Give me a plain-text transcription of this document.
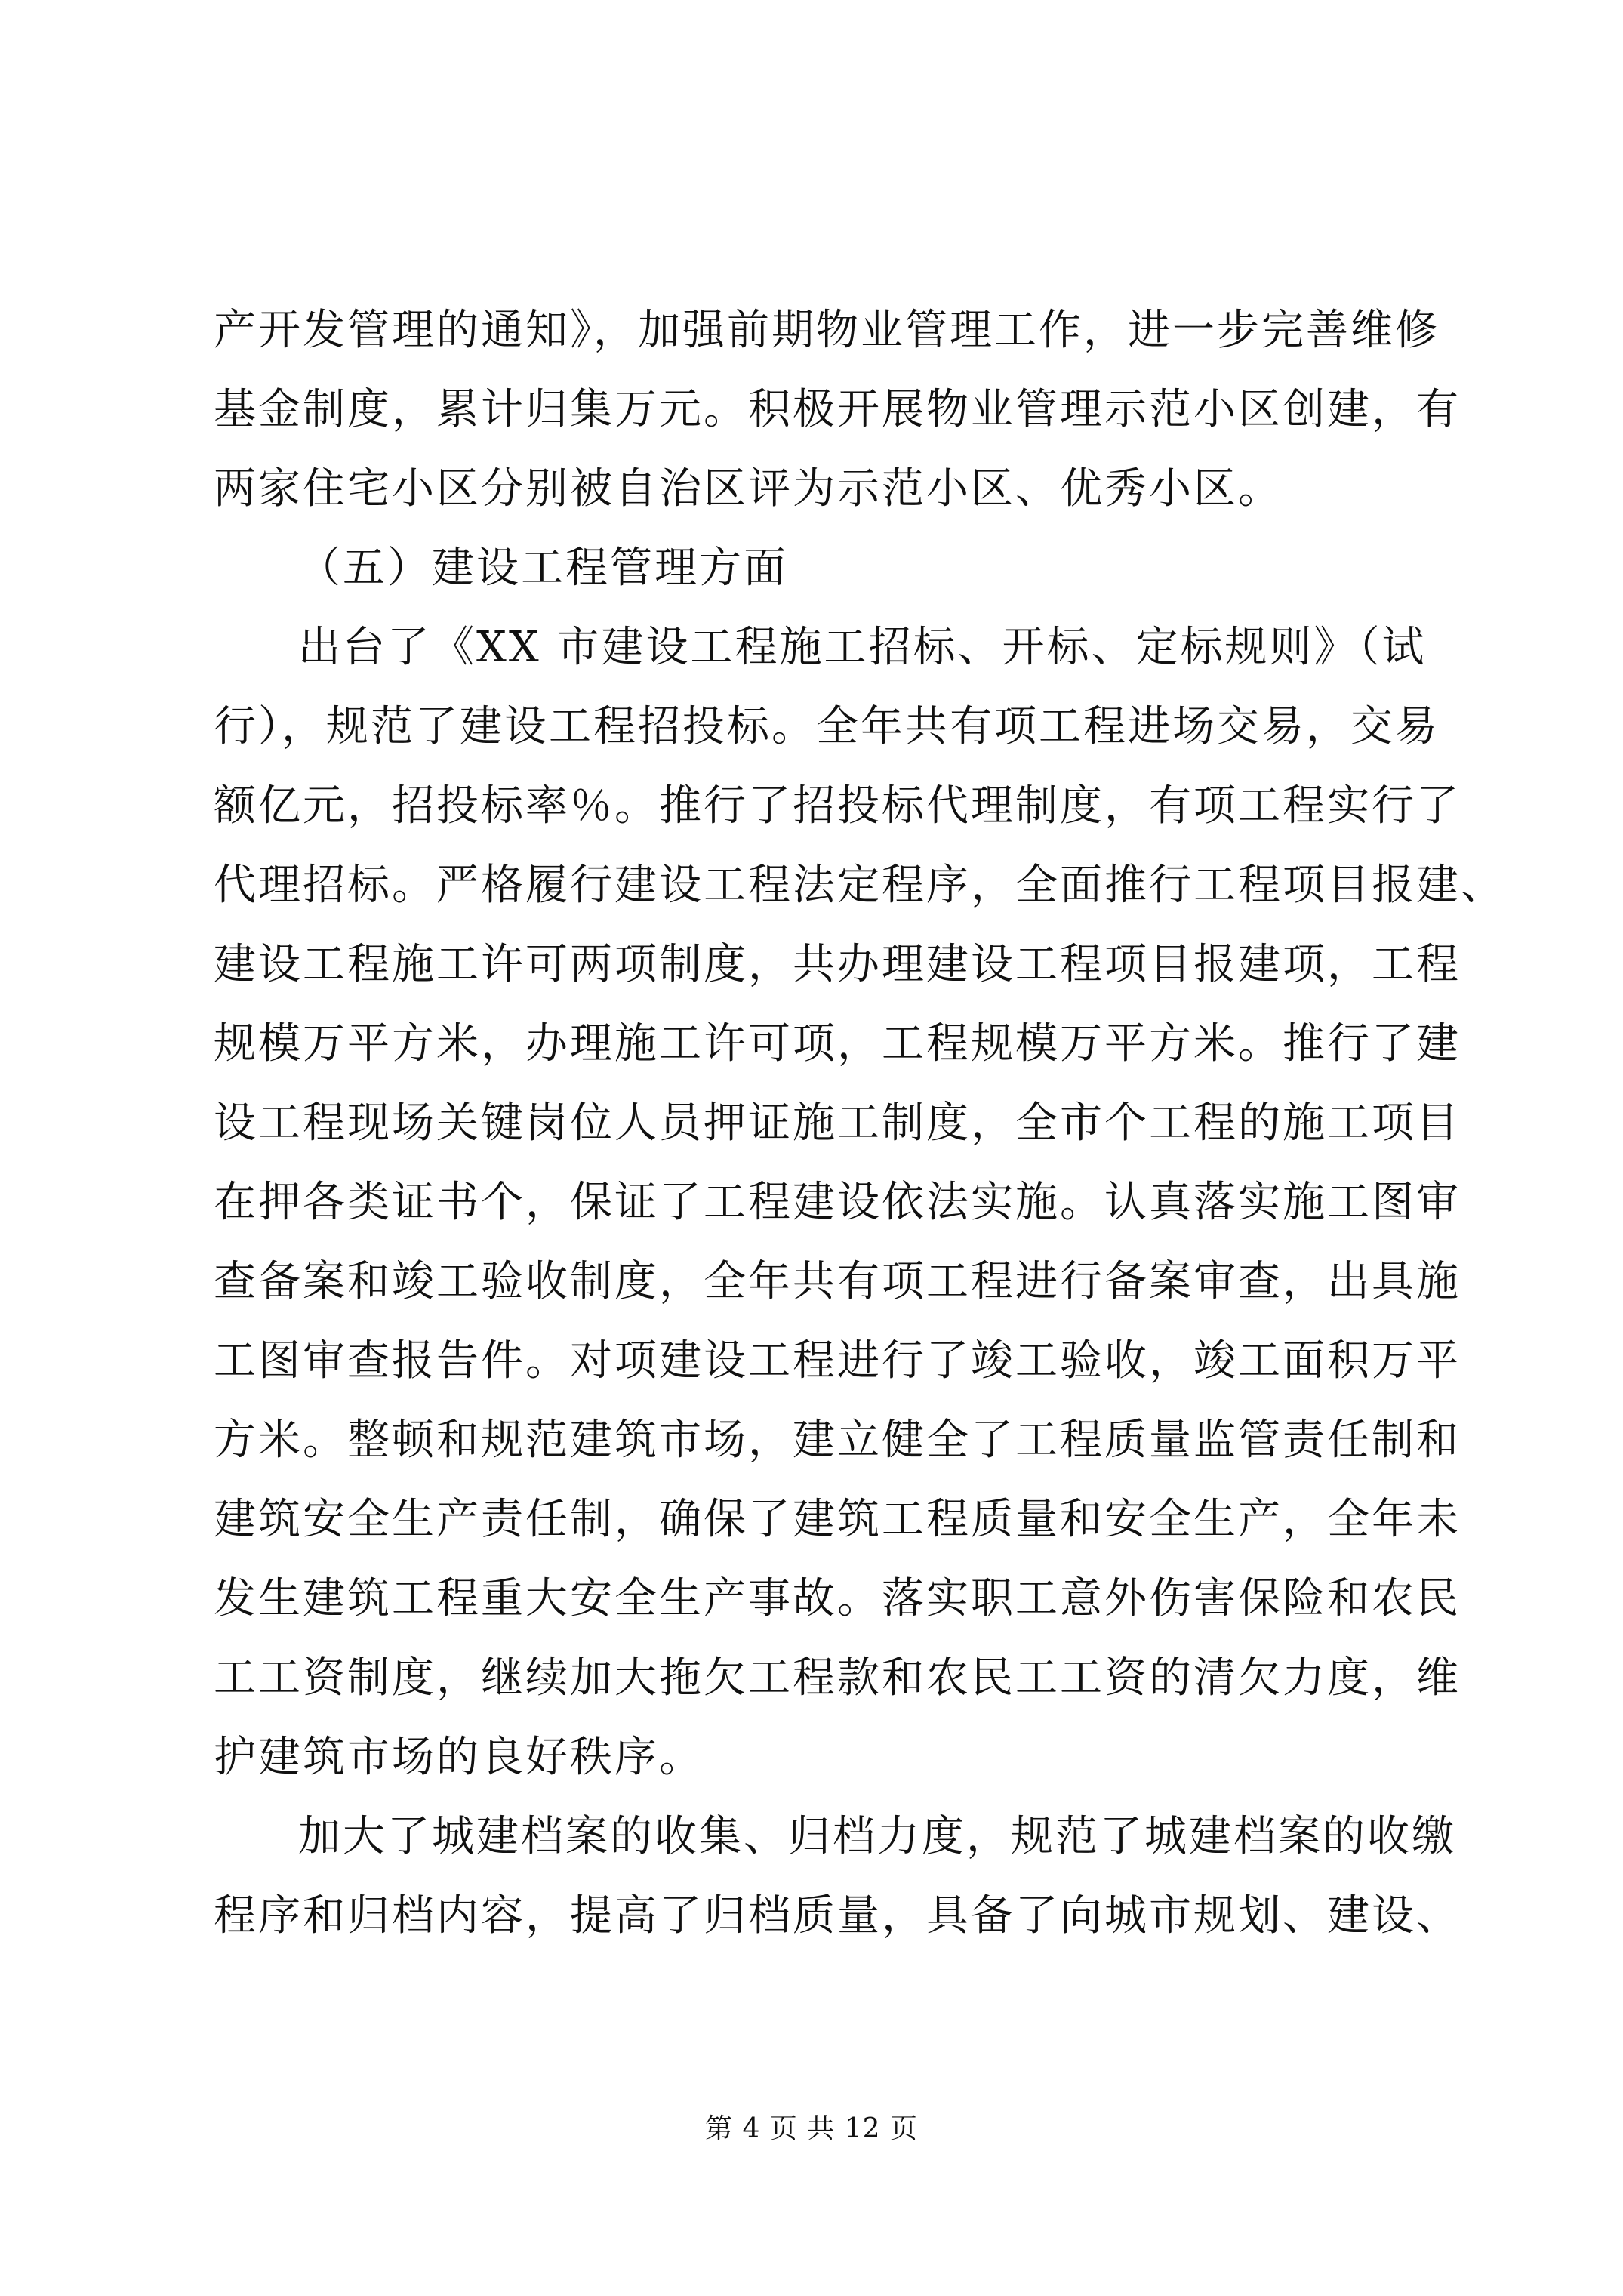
产开发管理的通知》，加强前期物业管理工作，进一步完善维修
基金制度，累计归集万元。积极开展物业管理示范小区创建，有
两家住宅小区分别被自治区评为示范小区、优秀小区。
（五）建设工程管理方面
出台了《XX 市建设工程施工招标、开标、定标规则》（试
行），规范了建设工程招投标。全年共有项工程进场交易，交易
额亿元，招投标率％。推行了招投标代理制度，有项工程实行了
代理招标。严格履行建设工程法定程序，全面推行工程项目报建、
建设工程施工许可两项制度，共办理建设工程项目报建项，工程
规模万平方米，办理施工许可项，工程规模万平方米。推行了建
设工程现场关键岗位人员押证施工制度，全市个工程的施工项目
在押各类证书个，保证了工程建设依法实施。认真落实施工图审
查备案和竣工验收制度，全年共有项工程进行备案审查，出具施
工图审查报告件。对项建设工程进行了竣工验收，竣工面积万平
方米。整顿和规范建筑市场，建立健全了工程质量监管责任制和
建筑安全生产责任制，确保了建筑工程质量和安全生产，全年未
发生建筑工程重大安全生产事故。落实职工意外伤害保险和农民
工工资制度，继续加大拖欠工程款和农民工工资的清欠力度，维
护建筑市场的良好秩序。
加大了城建档案的收集、归档力度，规范了城建档案的收缴
程序和归档内容，提高了归档质量，具备了向城市规划、建设、
第 4 页 共 12 页
